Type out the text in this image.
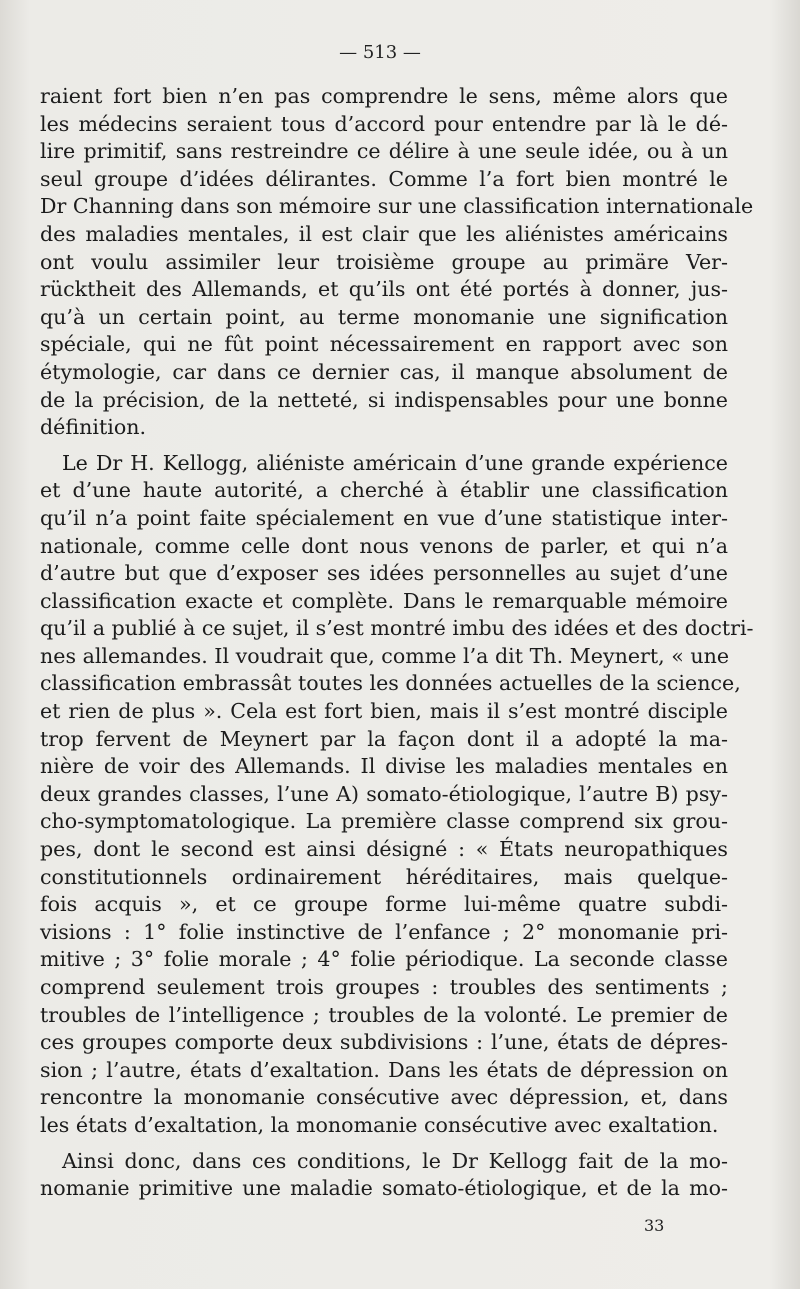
— 513 —
raient fort bien n’en pas comprendre le sens, même alors que
les médecins seraient tous d’accord pour entendre par là le dé-
lire primitif, sans restreindre ce délire à une seule idée, ou à un
seul groupe d’idées délirantes. Comme l’a fort bien montré le
Dr Channing dans son mémoire sur une classification internationale
des maladies mentales, il est clair que les aliénistes américains
ont voulu assimiler leur troisième groupe au primäre Ver-
rücktheit des Allemands, et qu’ils ont été portés à donner, jus-
qu’à un certain point, au terme monomanie une signification
spéciale, qui ne fût point nécessairement en rapport avec son
étymologie, car dans ce dernier cas, il manque absolument de
de la précision, de la netteté, si indispensables pour une bonne
définition.
Le Dr H. Kellogg, aliéniste américain d’une grande expérience
et d’une haute autorité, a cherché à établir une classification
qu’il n’a point faite spécialement en vue d’une statistique inter-
nationale, comme celle dont nous venons de parler, et qui n’a
d’autre but que d’exposer ses idées personnelles au sujet d’une
classification exacte et complète. Dans le remarquable mémoire
qu’il a publié à ce sujet, il s’est montré imbu des idées et des doctri-
nes allemandes. Il voudrait que, comme l’a dit Th. Meynert, « une
classification embrassât toutes les données actuelles de la science,
et rien de plus ». Cela est fort bien, mais il s’est montré disciple
trop fervent de Meynert par la façon dont il a adopté la ma-
nière de voir des Allemands. Il divise les maladies mentales en
deux grandes classes, l’une A) somato-étiologique, l’autre B) psy-
cho-symptomatologique. La première classe comprend six grou-
pes, dont le second est ainsi désigné : « États neuropathiques
constitutionnels ordinairement héréditaires, mais quelque-
fois acquis », et ce groupe forme lui-même quatre subdi-
visions : 1° folie instinctive de l’enfance ; 2° monomanie pri-
mitive ; 3° folie morale ; 4° folie périodique. La seconde classe
comprend seulement trois groupes : troubles des sentiments ;
troubles de l’intelligence ; troubles de la volonté. Le premier de
ces groupes comporte deux subdivisions : l’une, états de dépres-
sion ; l’autre, états d’exaltation. Dans les états de dépression on
rencontre la monomanie consécutive avec dépression, et, dans
les états d’exaltation, la monomanie consécutive avec exaltation.
Ainsi donc, dans ces conditions, le Dr Kellogg fait de la mo-
nomanie primitive une maladie somato-étiologique, et de la mo-
33
